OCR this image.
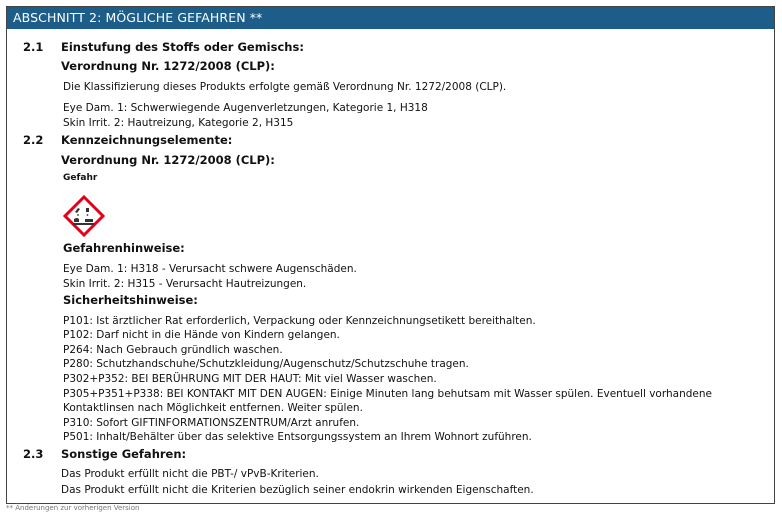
ABSCHNITT 2: MÖGLICHE GEFAHREN **
2.1 Einstufung des Stoffs oder Gemischs:
Verordnung Nr. 1272/2008 (CLP):
Die Klassifizierung dieses Produkts erfolgte gemäß Verordnung Nr. 1272/2008 (CLP).
Eye Dam. 1: Schwerwiegende Augenverletzungen, Kategorie 1, H318
Skin Irrit. 2: Hautreizung, Kategorie 2, H315
2.2 Kennzeichnungselemente:
Verordnung Nr. 1272/2008 (CLP):
Gefahr
Gefahrenhinweise:
Eye Dam. 1: H318 - Verursacht schwere Augenschäden.
Skin Irrit. 2: H315 - Verursacht Hautreizungen.
Sicherheitshinweise:
P101: Ist ärztlicher Rat erforderlich, Verpackung oder Kennzeichnungsetikett bereithalten.
P102: Darf nicht in die Hände von Kindern gelangen.
P264: Nach Gebrauch gründlich waschen.
P280: Schutzhandschuhe/Schutzkleidung/Augenschutz/Schutzschuhe tragen.
P302+P352: BEI BERÜHRUNG MIT DER HAUT: Mit viel Wasser waschen.
P305+P351+P338: BEI KONTAKT MIT DEN AUGEN: Einige Minuten lang behutsam mit Wasser spülen. Eventuell vorhandene
Kontaktlinsen nach Möglichkeit entfernen. Weiter spülen.
P310: Sofort GIFTINFORMATIONSZENTRUM/Arzt anrufen.
P501: Inhalt/Behälter über das selektive Entsorgungssystem an Ihrem Wohnort zuführen.
2.3 Sonstige Gefahren:
Das Produkt erfüllt nicht die PBT-/ vPvB-Kriterien.
Das Produkt erfüllt nicht die Kriterien bezüglich seiner endokrin wirkenden Eigenschaften.
** Änderungen zur vorherigen Version
